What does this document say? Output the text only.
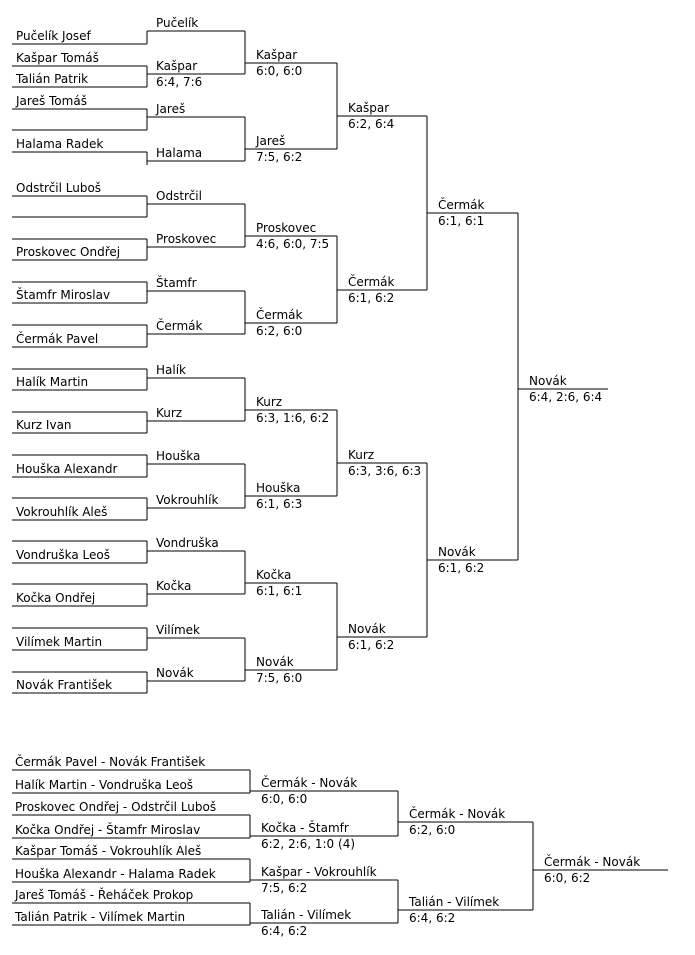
Pučelík Josef
Kašpar Tomáš
Talián Patrik
Jareš Tomáš
Halama Radek
Odstrčil Luboš
Proskovec Ondřej
Štamfr Miroslav
Čermák Pavel
Halík Martin
Kurz Ivan
Houška Alexandr
Vokrouhlík Aleš
Vondruška Leoš
Kočka Ondřej
Vilímek Martin
Novák František
Pučelík
Kašpar
6:4, 7:6
Jareš
Halama
Odstrčil
Proskovec
Štamfr
Čermák
Halík
Kurz
Houška
Vokrouhlík
Vondruška
Kočka
Vilímek
Novák
Kašpar
6:0, 6:0
Jareš
7:5, 6:2
Proskovec
4:6, 6:0, 7:5
Čermák
6:2, 6:0
Kurz
6:3, 1:6, 6:2
Houška
6:1, 6:3
Kočka
6:1, 6:1
Novák
7:5, 6:0
Kašpar
6:2, 6:4
Čermák
6:1, 6:2
Kurz
6:3, 3:6, 6:3
Novák
6:1, 6:2
Čermák
6:1, 6:1
Novák
6:1, 6:2
Novák
6:4, 2:6, 6:4
Čermák Pavel - Novák František
Halík Martin - Vondruška Leoš
Proskovec Ondřej - Odstrčil Luboš
Kočka Ondřej - Štamfr Miroslav
Kašpar Tomáš - Vokrouhlík Aleš
Houška Alexandr - Halama Radek
Jareš Tomáš - Řeháček Prokop
Talián Patrik - Vilímek Martin
Čermák - Novák
6:0, 6:0
Kočka - Štamfr
6:2, 2:6, 1:0 (4)
Kašpar - Vokrouhlík
7:5, 6:2
Talián - Vilímek
6:4, 6:2
Čermák - Novák
6:2, 6:0
Talián - Vilímek
6:4, 6:2
Čermák - Novák
6:0, 6:2
